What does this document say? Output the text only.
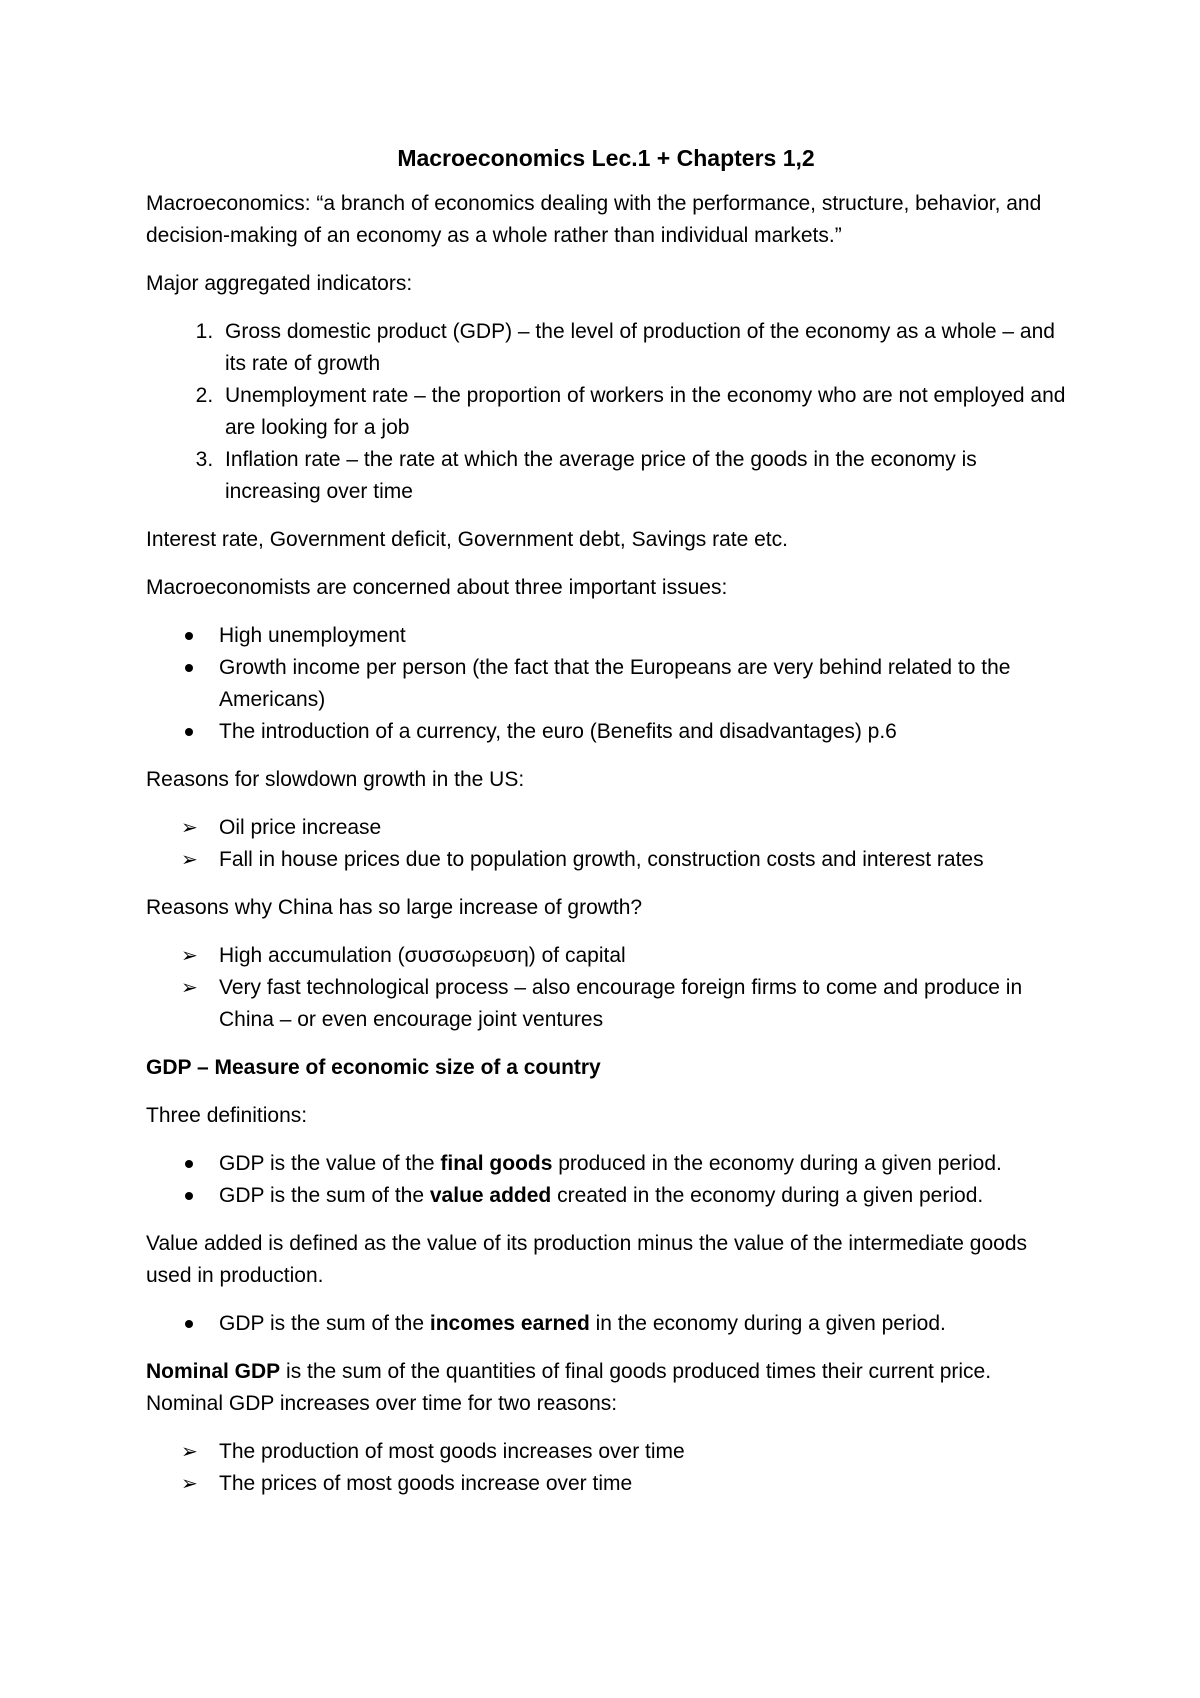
Macroeconomics Lec.1 + Chapters 1,2

Macroeconomics: “a branch of economics dealing with the performance, structure, behavior, and decision-making of an economy as a whole rather than individual markets.”

Major aggregated indicators:

1. Gross domestic product (GDP) – the level of production of the economy as a whole – and its rate of growth
2. Unemployment rate – the proportion of workers in the economy who are not employed and are looking for a job
3. Inflation rate – the rate at which the average price of the goods in the economy is increasing over time

Interest rate, Government deficit, Government debt, Savings rate etc.

Macroeconomists are concerned about three important issues:

High unemployment
Growth income per person (the fact that the Europeans are very behind related to the Americans)
The introduction of a currency, the euro (Benefits and disadvantages) p.6

Reasons for slowdown growth in the US:

➢ Oil price increase
➢ Fall in house prices due to population growth, construction costs and interest rates

Reasons why China has so large increase of growth?

➢ High accumulation (συσσωρευση) of capital
➢ Very fast technological process – also encourage foreign firms to come and produce in China – or even encourage joint ventures

GDP – Measure of economic size of a country

Three definitions:

GDP is the value of the final goods produced in the economy during a given period.
GDP is the sum of the value added created in the economy during a given period.

Value added is defined as the value of its production minus the value of the intermediate goods used in production.

GDP is the sum of the incomes earned in the economy during a given period.

Nominal GDP is the sum of the quantities of final goods produced times their current price. Nominal GDP increases over time for two reasons:

➢ The production of most goods increases over time
➢ The prices of most goods increase over time
